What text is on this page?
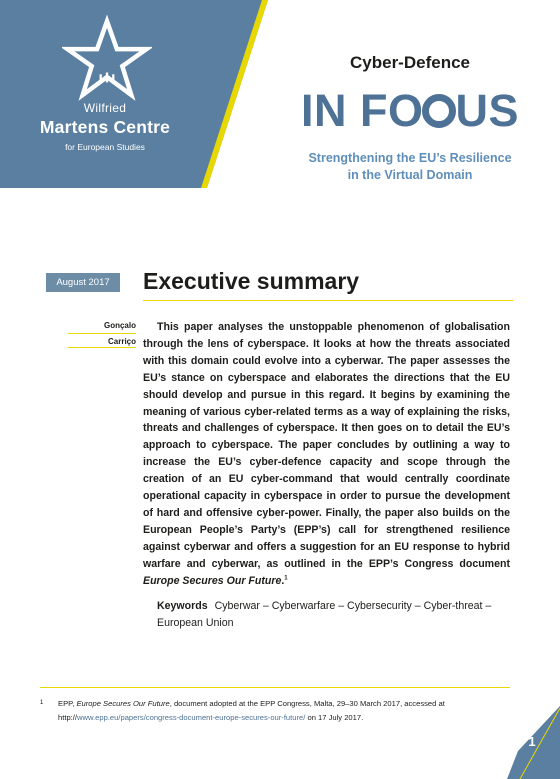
Wilfried
Martens Centre
for European Studies
Cyber-Defence
IN FO US
Strengthening the EU’s Resilience
in the Virtual Domain
August 2017	Executive summary
Gonçalo
Carriço

This paper analyses the unstoppable phenomenon of globalisation through the lens of cyberspace. It looks at how the threats associated with this domain could evolve into a cyberwar. The paper assesses the EU’s stance on cyberspace and elaborates the directions that the EU should develop and pursue in this regard. It begins by examining the meaning of various cyber-related terms as a way of explaining the risks, threats and challenges of cyberspace. It then goes on to detail the EU’s approach to cyberspace. The paper concludes by outlining a way to increase the EU’s cyber-defence capacity and scope through the creation of an EU cyber-command that would centrally coordinate operational capacity in cyberspace in order to pursue the development of hard and offensive cyber-power. Finally, the paper also builds on the European People’s Party’s (EPP’s) call for strengthened resilience against cyberwar and offers a suggestion for an EU response to hybrid warfare and cyberwar, as outlined in the EPP’s Congress document Europe Secures Our Future.$^1$

Keywords Cyberwar – Cyberwarfare – Cybersecurity – Cyber-threat – European Union
1 EPP, Europe Secures Our Future, document adopted at the EPP Congress, Malta, 29–30 March 2017, accessed at http://www.epp.eu/papers/congress-document-europe-secures-our-future/ on 17 July 2017.
1
